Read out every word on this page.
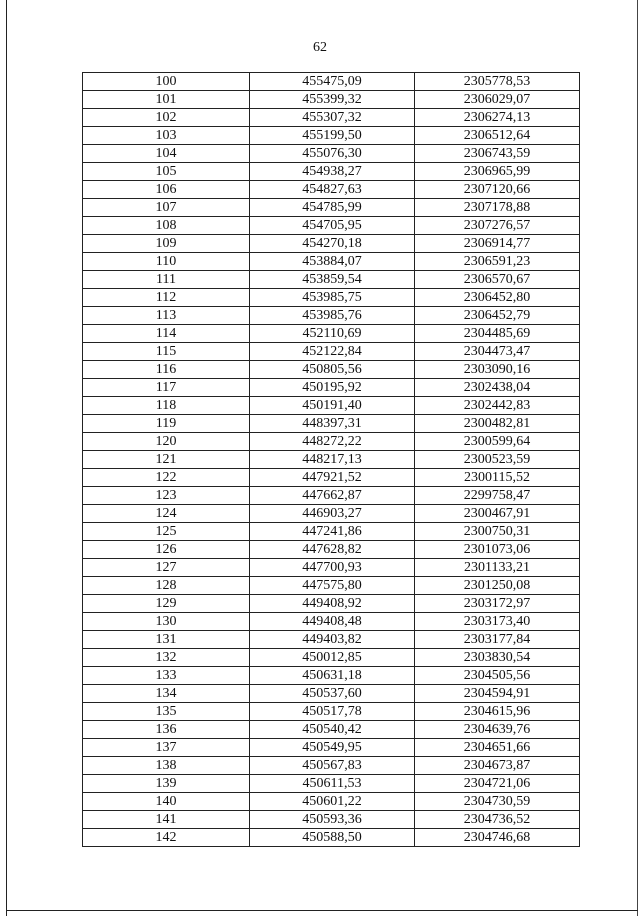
62
100	455475,09	2305778,53
101	455399,32	2306029,07
102	455307,32	2306274,13
103	455199,50	2306512,64
104	455076,30	2306743,59
105	454938,27	2306965,99
106	454827,63	2307120,66
107	454785,99	2307178,88
108	454705,95	2307276,57
109	454270,18	2306914,77
110	453884,07	2306591,23
111	453859,54	2306570,67
112	453985,75	2306452,80
113	453985,76	2306452,79
114	452110,69	2304485,69
115	452122,84	2304473,47
116	450805,56	2303090,16
117	450195,92	2302438,04
118	450191,40	2302442,83
119	448397,31	2300482,81
120	448272,22	2300599,64
121	448217,13	2300523,59
122	447921,52	2300115,52
123	447662,87	2299758,47
124	446903,27	2300467,91
125	447241,86	2300750,31
126	447628,82	2301073,06
127	447700,93	2301133,21
128	447575,80	2301250,08
129	449408,92	2303172,97
130	449408,48	2303173,40
131	449403,82	2303177,84
132	450012,85	2303830,54
133	450631,18	2304505,56
134	450537,60	2304594,91
135	450517,78	2304615,96
136	450540,42	2304639,76
137	450549,95	2304651,66
138	450567,83	2304673,87
139	450611,53	2304721,06
140	450601,22	2304730,59
141	450593,36	2304736,52
142	450588,50	2304746,68
